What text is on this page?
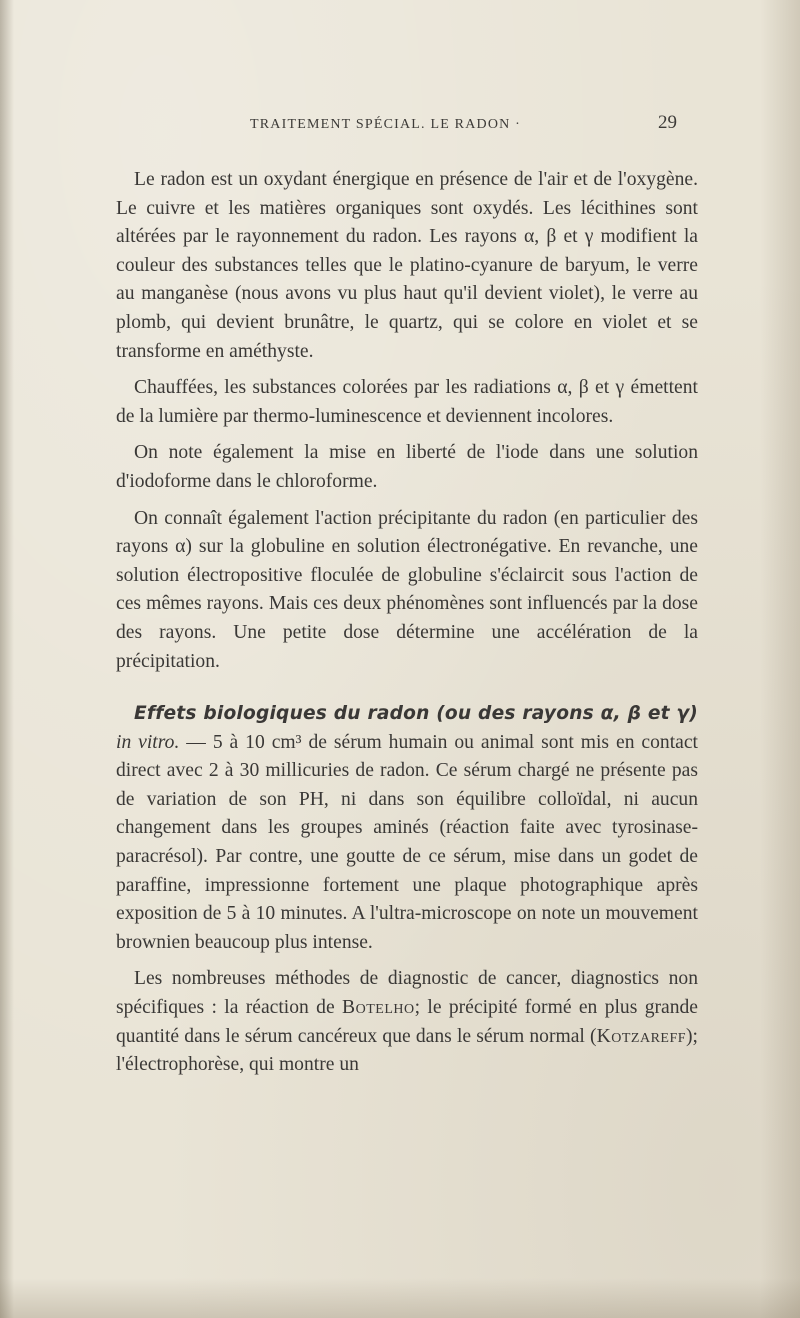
TRAITEMENT SPÉCIAL. LE RADON ·	29

Le radon est un oxydant énergique en présence de l'air et de l'oxygène. Le cuivre et les matières organiques sont oxydés. Les lécithines sont altérées par le rayonnement du radon. Les rayons α, β et γ modifient la couleur des substances telles que le platino-cyanure de baryum, le verre au manganèse (nous avons vu plus haut qu'il devient violet), le verre au plomb, qui devient brunâtre, le quartz, qui se colore en violet et se transforme en améthyste.

Chauffées, les substances colorées par les radiations α, β et γ émettent de la lumière par thermo-luminescence et deviennent incolores.

On note également la mise en liberté de l'iode dans une solution d'iodoforme dans le chloroforme.

On connaît également l'action précipitante du radon (en particulier des rayons α) sur la globuline en solution électronégative. En revanche, une solution électropositive floculée de globuline s'éclaircit sous l'action de ces mêmes rayons. Mais ces deux phénomènes sont influencés par la dose des rayons. Une petite dose détermine une accélération de la précipitation.

Effets biologiques du radon (ou des rayons α, β et γ) in vitro. — 5 à 10 cm³ de sérum humain ou animal sont mis en contact direct avec 2 à 30 millicuries de radon. Ce sérum chargé ne présente pas de variation de son PH, ni dans son équilibre colloïdal, ni aucun changement dans les groupes aminés (réaction faite avec tyrosinase-paracrésol). Par contre, une goutte de ce sérum, mise dans un godet de paraffine, impressionne fortement une plaque photographique après exposition de 5 à 10 minutes. A l'ultra-microscope on note un mouvement brownien beaucoup plus intense.

Les nombreuses méthodes de diagnostic de cancer, diagnostics non spécifiques : la réaction de Botelho; le précipité formé en plus grande quantité dans le sérum cancéreux que dans le sérum normal (Kotzareff); l'électrophorèse, qui montre un
